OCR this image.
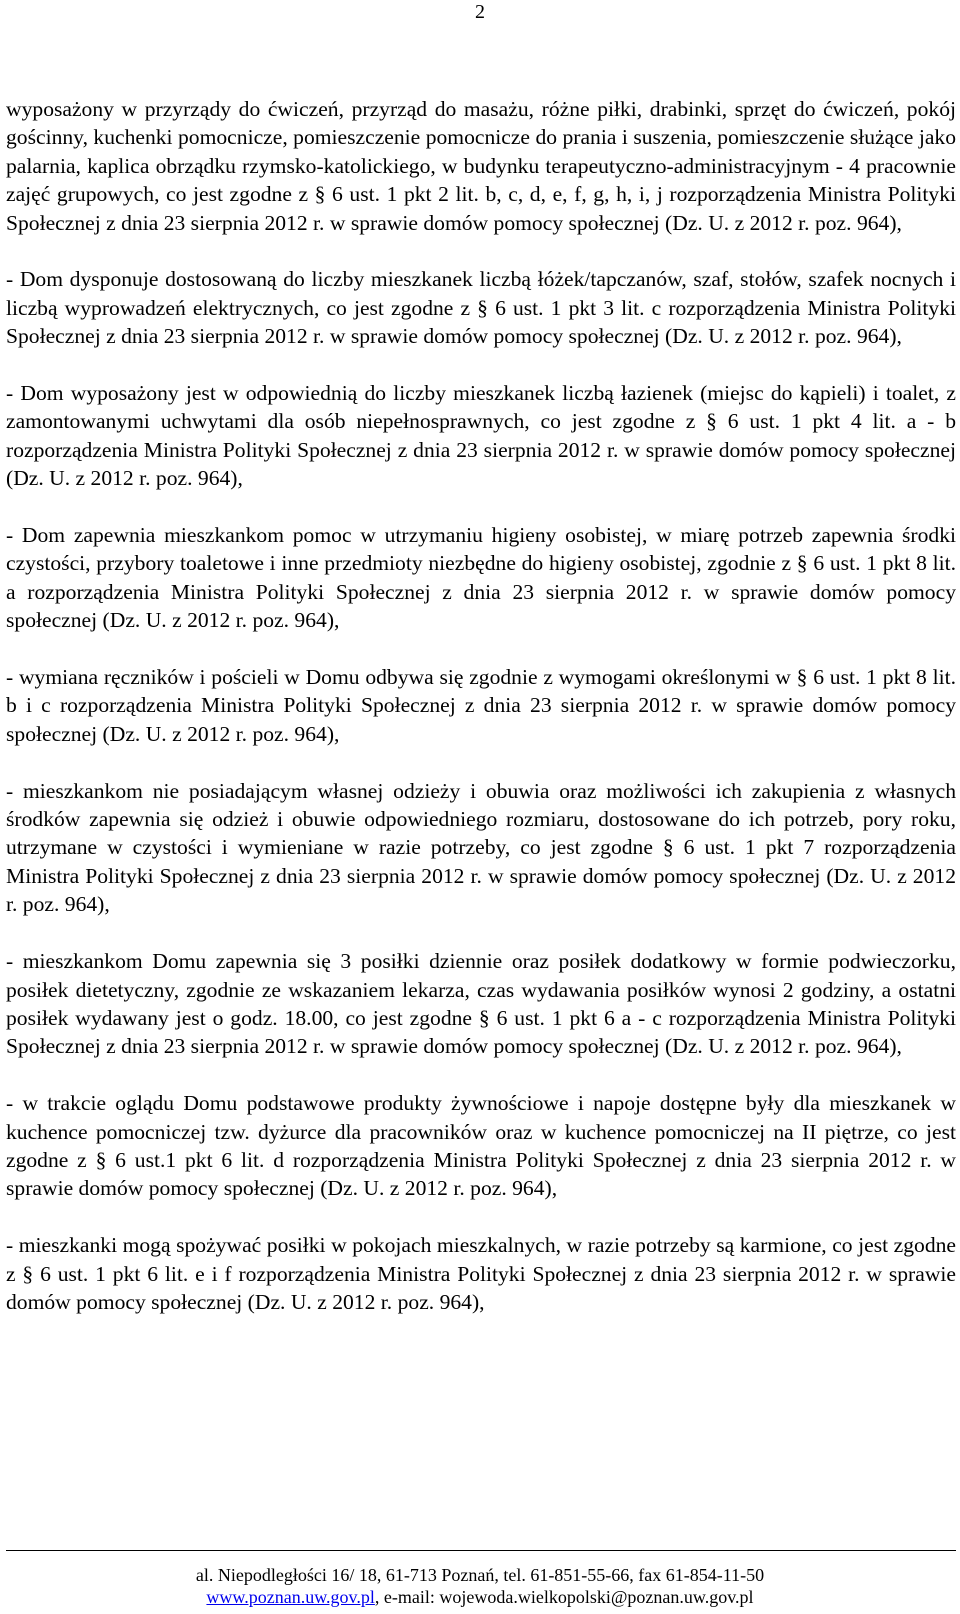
2

wyposażony w przyrządy do ćwiczeń, przyrząd do masażu, różne piłki, drabinki, sprzęt do ćwiczeń, pokój gościnny, kuchenki pomocnicze, pomieszczenie pomocnicze do prania i suszenia, pomieszczenie służące jako palarnia, kaplica obrządku rzymsko-katolickiego, w budynku terapeutyczno-administracyjnym - 4 pracownie zajęć grupowych, co jest zgodne z § 6 ust. 1 pkt 2 lit. b, c, d, e, f, g, h, i, j rozporządzenia Ministra Polityki Społecznej z dnia 23 sierpnia 2012 r. w sprawie domów pomocy społecznej (Dz. U. z 2012 r. poz. 964),

- Dom dysponuje dostosowaną do liczby mieszkanek liczbą łóżek/tapczanów, szaf, stołów, szafek nocnych i liczbą wyprowadzeń elektrycznych, co jest zgodne z § 6 ust. 1 pkt 3 lit. c rozporządzenia Ministra Polityki Społecznej z dnia 23 sierpnia 2012 r. w sprawie domów pomocy społecznej (Dz. U. z 2012 r. poz. 964),

- Dom wyposażony jest w odpowiednią do liczby mieszkanek liczbą łazienek (miejsc do kąpieli) i toalet, z zamontowanymi uchwytami dla osób niepełnosprawnych, co jest zgodne z § 6 ust. 1 pkt 4 lit. a - b rozporządzenia Ministra Polityki Społecznej z dnia 23 sierpnia 2012 r. w sprawie domów pomocy społecznej (Dz. U. z 2012 r. poz. 964),

- Dom zapewnia mieszkankom pomoc w utrzymaniu higieny osobistej, w miarę potrzeb zapewnia środki czystości, przybory toaletowe i inne przedmioty niezbędne do higieny osobistej, zgodnie z § 6 ust. 1 pkt 8 lit. a rozporządzenia Ministra Polityki Społecznej z dnia 23 sierpnia 2012 r. w sprawie domów pomocy społecznej (Dz. U. z 2012 r. poz. 964),

- wymiana ręczników i pościeli w Domu odbywa się zgodnie z wymogami określonymi w § 6 ust. 1 pkt 8 lit. b i c rozporządzenia Ministra Polityki Społecznej z dnia 23 sierpnia 2012 r. w sprawie domów pomocy społecznej (Dz. U. z 2012 r. poz. 964),

- mieszkankom nie posiadającym własnej odzieży i obuwia oraz możliwości ich zakupienia z własnych środków zapewnia się odzież i obuwie odpowiedniego rozmiaru, dostosowane do ich potrzeb, pory roku, utrzymane w czystości i wymieniane w razie potrzeby, co jest zgodne § 6 ust. 1 pkt 7 rozporządzenia Ministra Polityki Społecznej z dnia 23 sierpnia 2012 r. w sprawie domów pomocy społecznej (Dz. U. z 2012 r. poz. 964),

- mieszkankom Domu zapewnia się 3 posiłki dziennie oraz posiłek dodatkowy w formie podwieczorku, posiłek dietetyczny, zgodnie ze wskazaniem lekarza, czas wydawania posiłków wynosi 2 godziny, a ostatni posiłek wydawany jest o godz. 18.00, co jest zgodne § 6 ust. 1 pkt 6 a - c rozporządzenia Ministra Polityki Społecznej z dnia 23 sierpnia 2012 r. w sprawie domów pomocy społecznej (Dz. U. z 2012 r. poz. 964),

- w trakcie oglądu Domu podstawowe produkty żywnościowe i napoje dostępne były dla mieszkanek w kuchence pomocniczej tzw. dyżurce dla pracowników oraz w kuchence pomocniczej na II piętrze, co jest zgodne z § 6 ust.1 pkt 6 lit. d rozporządzenia Ministra Polityki Społecznej z dnia 23 sierpnia 2012 r. w sprawie domów pomocy społecznej (Dz. U. z 2012 r. poz. 964),

- mieszkanki mogą spożywać posiłki w pokojach mieszkalnych, w razie potrzeby są karmione, co jest zgodne z § 6 ust. 1 pkt 6 lit. e i f rozporządzenia Ministra Polityki Społecznej z dnia 23 sierpnia 2012 r. w sprawie domów pomocy społecznej (Dz. U. z 2012 r. poz. 964),

al. Niepodległości 16/ 18, 61-713 Poznań, tel. 61-851-55-66, fax 61-854-11-50
www.poznan.uw.gov.pl, e-mail: wojewoda.wielkopolski@poznan.uw.gov.pl
